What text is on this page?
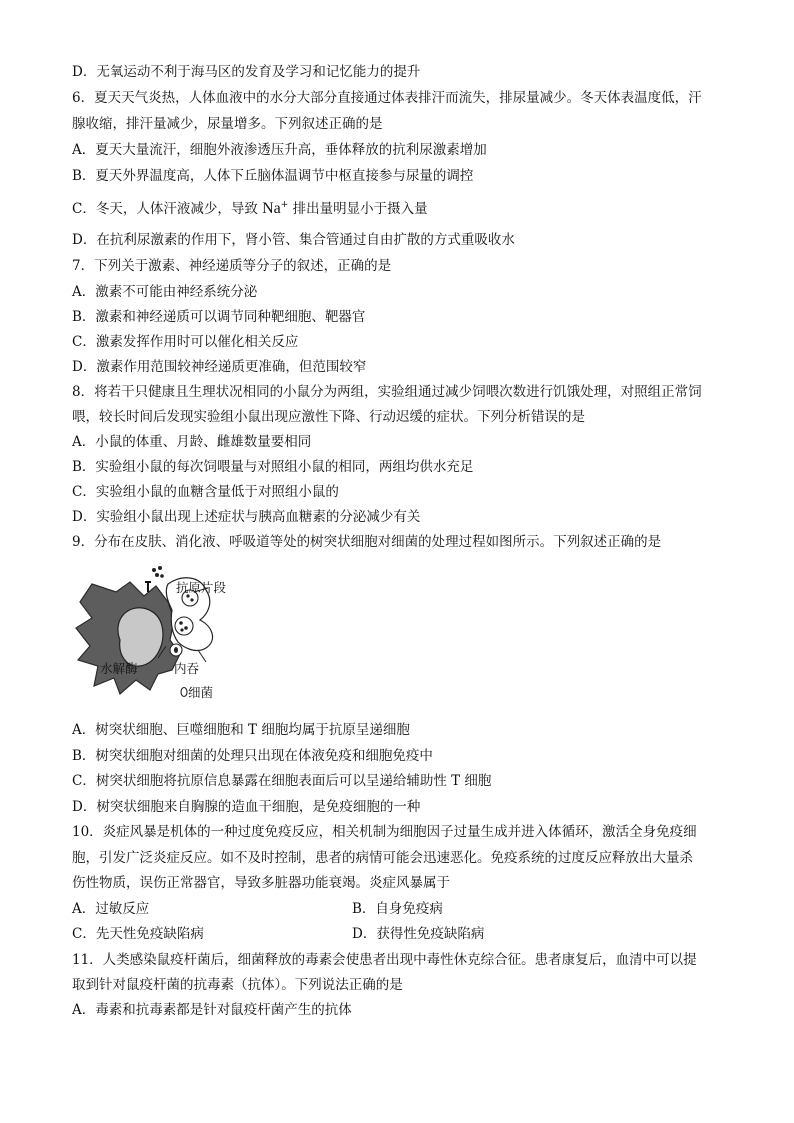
D．无氧运动不利于海马区的发育及学习和记忆能力的提升
6．夏天天气炎热，人体血液中的水分大部分直接通过体表排汗而流失，排尿量减少。冬天体表温度低，汗
腺收缩，排汗量减少，尿量增多。下列叙述正确的是
A．夏天大量流汗，细胞外液渗透压升高，垂体释放的抗利尿激素增加
B．夏天外界温度高，人体下丘脑体温调节中枢直接参与尿量的调控
C．冬天，人体汗液减少，导致 Na+ 排出量明显小于摄入量
D．在抗利尿激素的作用下，肾小管、集合管通过自由扩散的方式重吸收水
7．下列关于激素、神经递质等分子的叙述，正确的是
A．激素不可能由神经系统分泌
B．激素和神经递质可以调节同种靶细胞、靶器官
C．激素发挥作用时可以催化相关反应
D．激素作用范围较神经递质更准确，但范围较窄
8．将若干只健康且生理状况相同的小鼠分为两组，实验组通过减少饲喂次数进行饥饿处理，对照组正常饲
喂，较长时间后发现实验组小鼠出现应激性下降、行动迟缓的症状。下列分析错误的是
A．小鼠的体重、月龄、雌雄数量要相同
B．实验组小鼠的每次饲喂量与对照组小鼠的相同，两组均供水充足
C．实验组小鼠的血糖含量低于对照组小鼠的
D．实验组小鼠出现上述症状与胰高血糖素的分泌减少有关
9．分布在皮肤、消化液、呼吸道等处的树突状细胞对细菌的处理过程如图所示。下列叙述正确的是
抗原片段
水解酶	内吞
细菌
A．树突状细胞、巨噬细胞和 T 细胞均属于抗原呈递细胞
B．树突状细胞对细菌的处理只出现在体液免疫和细胞免疫中
C．树突状细胞将抗原信息暴露在细胞表面后可以呈递给辅助性 T 细胞
D．树突状细胞来自胸腺的造血干细胞，是免疫细胞的一种
10．炎症风暴是机体的一种过度免疫反应，相关机制为细胞因子过量生成并进入体循环，激活全身免疫细
胞，引发广泛炎症反应。如不及时控制，患者的病情可能会迅速恶化。免疫系统的过度反应释放出大量杀
伤性物质，误伤正常器官，导致多脏器功能衰竭。炎症风暴属于
A．过敏反应	B．自身免疫病
C．先天性免疫缺陷病	D．获得性免疫缺陷病
11．人类感染鼠疫杆菌后，细菌释放的毒素会使患者出现中毒性休克综合征。患者康复后，血清中可以提
取到针对鼠疫杆菌的抗毒素（抗体）。下列说法正确的是
A．毒素和抗毒素都是针对鼠疫杆菌产生的抗体
